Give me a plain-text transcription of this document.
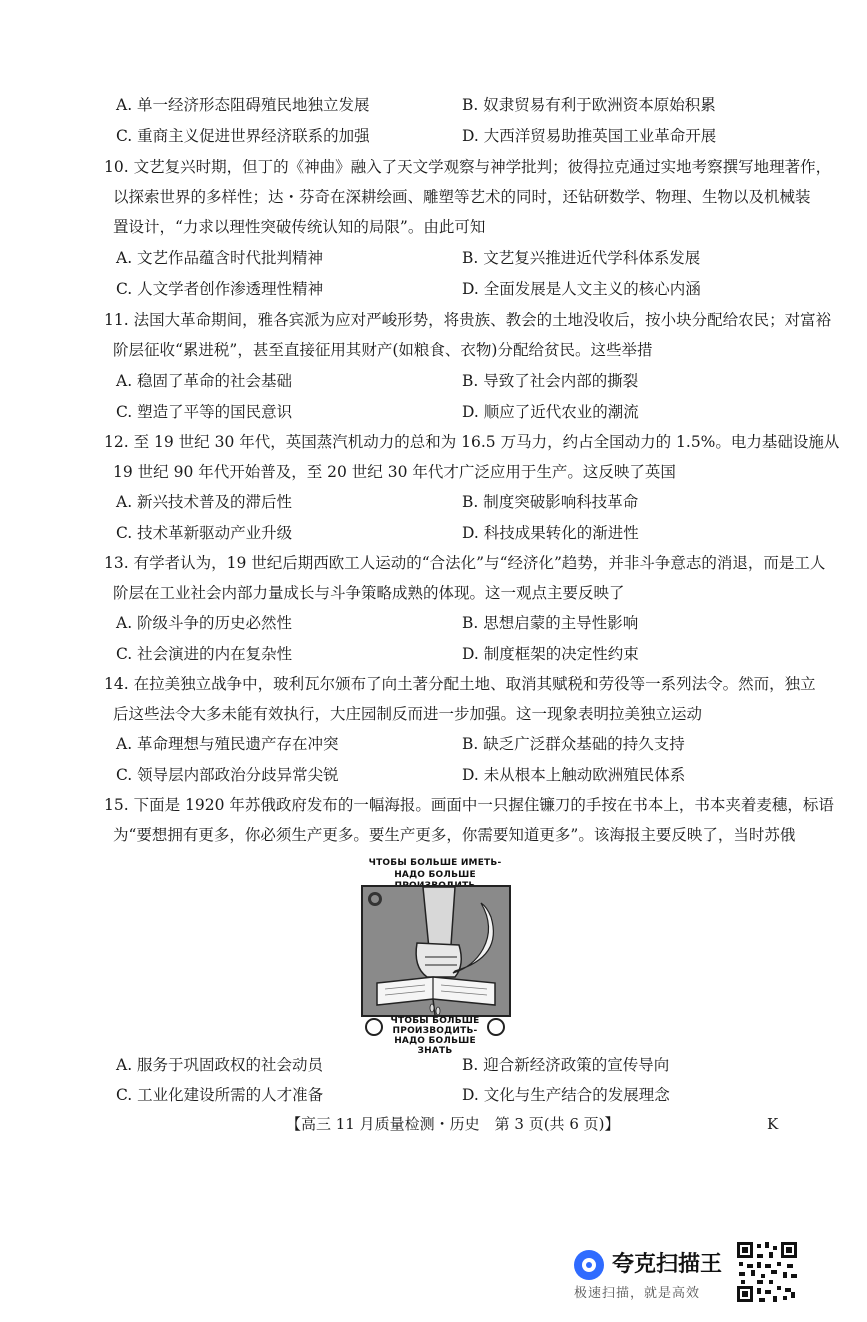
A. 单一经济形态阻碍殖民地独立发展	B. 奴隶贸易有利于欧洲资本原始积累
C. 重商主义促进世界经济联系的加强	D. 大西洋贸易助推英国工业革命开展
10. 文艺复兴时期，但丁的《神曲》融入了天文学观察与神学批判；彼得拉克通过实地考察撰写地理著作，
以探索世界的多样性；达・芬奇在深耕绘画、雕塑等艺术的同时，还钻研数学、物理、生物以及机械装
置设计，“力求以理性突破传统认知的局限”。由此可知
A. 文艺作品蕴含时代批判精神	B. 文艺复兴推进近代学科体系发展
C. 人文学者创作渗透理性精神	D. 全面发展是人文主义的核心内涵
11. 法国大革命期间，雅各宾派为应对严峻形势，将贵族、教会的土地没收后，按小块分配给农民；对富裕
阶层征收“累进税”，甚至直接征用其财产(如粮食、衣物)分配给贫民。这些举措
A. 稳固了革命的社会基础	B. 导致了社会内部的撕裂
C. 塑造了平等的国民意识	D. 顺应了近代农业的潮流
12. 至 19 世纪 30 年代，英国蒸汽机动力的总和为 16.5 万马力，约占全国动力的 1.5%。电力基础设施从
19 世纪 90 年代开始普及，至 20 世纪 30 年代才广泛应用于生产。这反映了英国
A. 新兴技术普及的滞后性	B. 制度突破影响科技革命
C. 技术革新驱动产业升级	D. 科技成果转化的渐进性
13. 有学者认为，19 世纪后期西欧工人运动的“合法化”与“经济化”趋势，并非斗争意志的消退，而是工人
阶层在工业社会内部力量成长与斗争策略成熟的体现。这一观点主要反映了
A. 阶级斗争的历史必然性	B. 思想启蒙的主导性影响
C. 社会演进的内在复杂性	D. 制度框架的决定性约束
14. 在拉美独立战争中，玻利瓦尔颁布了向土著分配土地、取消其赋税和劳役等一系列法令。然而，独立
后这些法令大多未能有效执行，大庄园制反而进一步加强。这一现象表明拉美独立运动
A. 革命理想与殖民遗产存在冲突	B. 缺乏广泛群众基础的持久支持
C. 领导层内部政治分歧异常尖锐	D. 未从根本上触动欧洲殖民体系
15. 下面是 1920 年苏俄政府发布的一幅海报。画面中一只握住镰刀的手按在书本上，书本夹着麦穗，标语
为“要想拥有更多，你必须生产更多。要生产更多，你需要知道更多”。该海报主要反映了，当时苏俄
ЧТОБЫ БОЛЬШЕ ИМЕТЬ-
НАДО БОЛЬШЕ
ЧТОБЫ БОЛЬШЕ
ПРОИЗВОДИТЬ-
НАДО БОЛЬШЕ
ЗНАТЬ
A. 服务于巩固政权的社会动员	B. 迎合新经济政策的宣传导向
C. 工业化建设所需的人才准备	D. 文化与生产结合的发展理念
【高三 11 月质量检测・历史　第 3 页(共 6 页)】	K
夸克扫描王
极速扫描，就是高效
